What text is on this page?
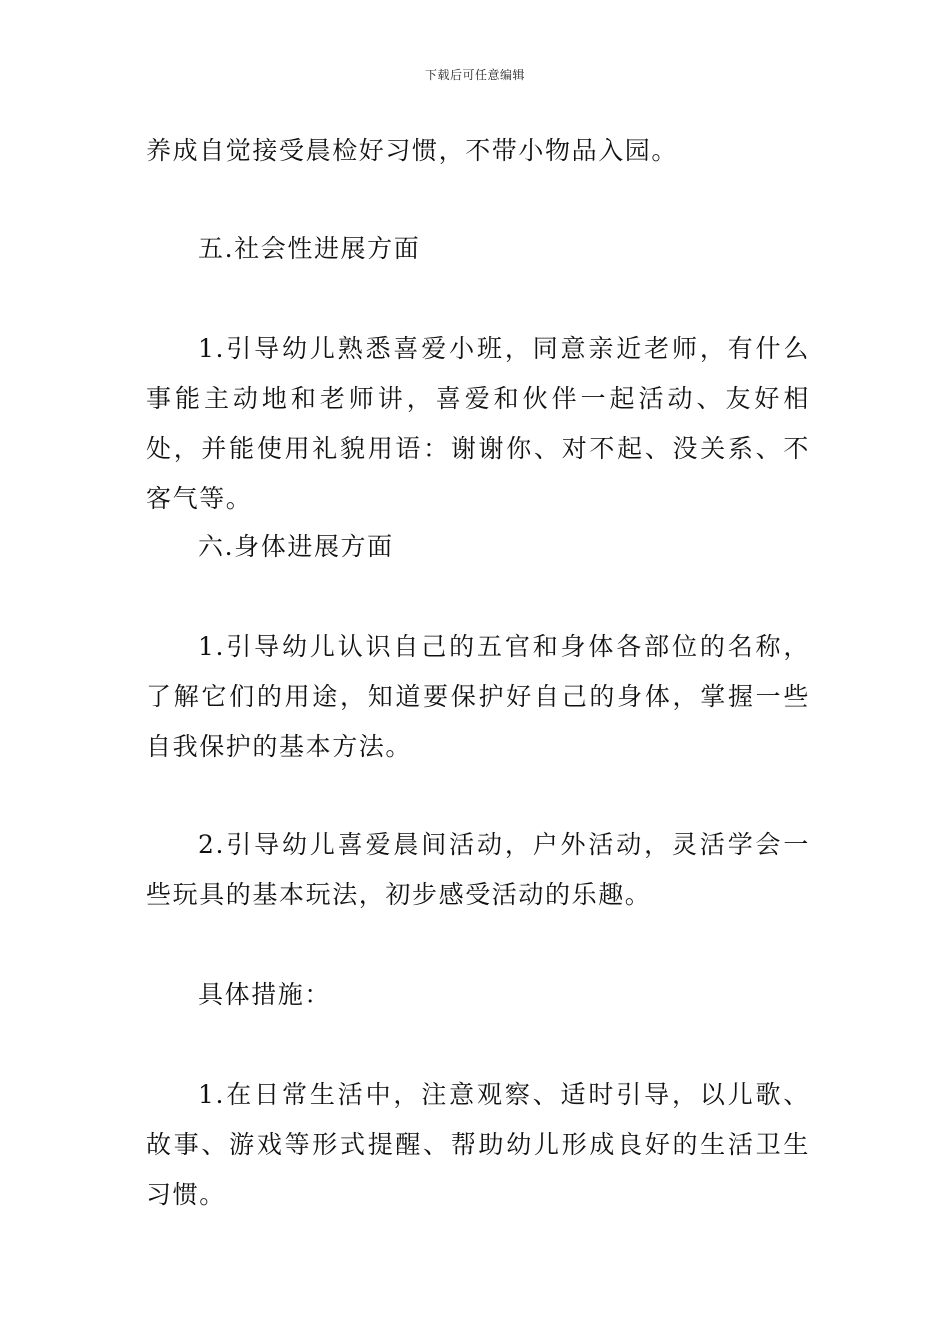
下载后可任意编辑

养成自觉接受晨检好习惯，不带小物品入园。

五.社会性进展方面

1.引导幼儿熟悉喜爱小班，同意亲近老师，有什么事能主动地和老师讲，喜爱和伙伴一起活动、友好相处，并能使用礼貌用语：谢谢你、对不起、没关系、不客气等。

六.身体进展方面

1.引导幼儿认识自己的五官和身体各部位的名称，了解它们的用途，知道要保护好自己的身体，掌握一些自我保护的基本方法。

2.引导幼儿喜爱晨间活动，户外活动，灵活学会一些玩具的基本玩法，初步感受活动的乐趣。

具体措施：

1.在日常生活中，注意观察、适时引导，以儿歌、故事、游戏等形式提醒、帮助幼儿形成良好的生活卫生习惯。
